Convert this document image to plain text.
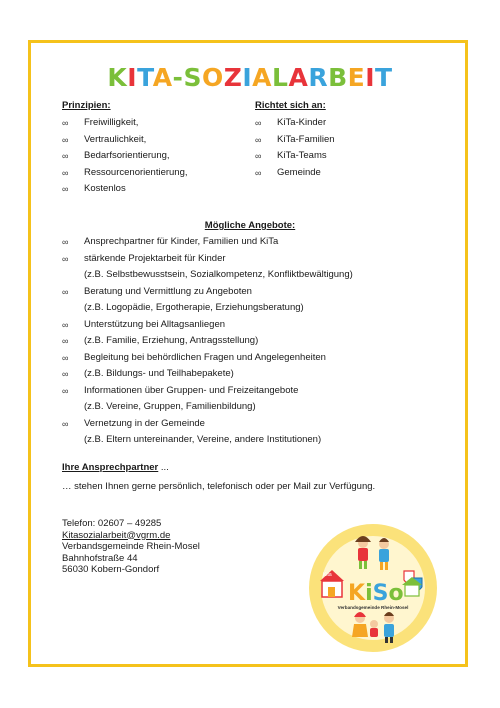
KITA-SOZIALARBEIT
Prinzipien:
∞	Freiwilligkeit,
∞	Vertraulichkeit,
∞	Bedarfsorientierung,
∞	Ressourcenorientierung,
∞	Kostenlos
Richtet sich an:
∞	KiTa-Kinder
∞	KiTa-Familien
∞	KiTa-Teams
∞	Gemeinde
Mögliche Angebote:
∞	Ansprechpartner für Kinder, Familien und KiTa
∞	stärkende Projektarbeit für Kinder
(z.B. Selbstbewusstsein, Sozialkompetenz, Konfliktbewältigung)
∞	Beratung und Vermittlung zu Angeboten
(z.B. Logopädie, Ergotherapie, Erziehungsberatung)
∞	Unterstützung bei Alltagsanliegen
∞	(z.B. Familie, Erziehung, Antragsstellung)
∞	Begleitung bei behördlichen Fragen und Angelegenheiten
∞	(z.B. Bildungs- und Teilhabepakete)
∞	Informationen über Gruppen- und Freizeitangebote
(z.B. Vereine, Gruppen, Familienbildung)
∞	Vernetzung in der Gemeinde
(z.B. Eltern untereinander, Vereine, andere Institutionen)
Ihre Ansprechpartner ...
… stehen Ihnen gerne persönlich, telefonisch oder per Mail zur Verfügung.
Telefon: 02607 – 49285
Kitasozialarbeit@vgrm.de
Verbandsgemeinde Rhein-Mosel
Bahnhofstraße 44
56030 Kobern-Gondorf	Kita
KiSo
Verbandsgemeinde Rhein-Mosel
